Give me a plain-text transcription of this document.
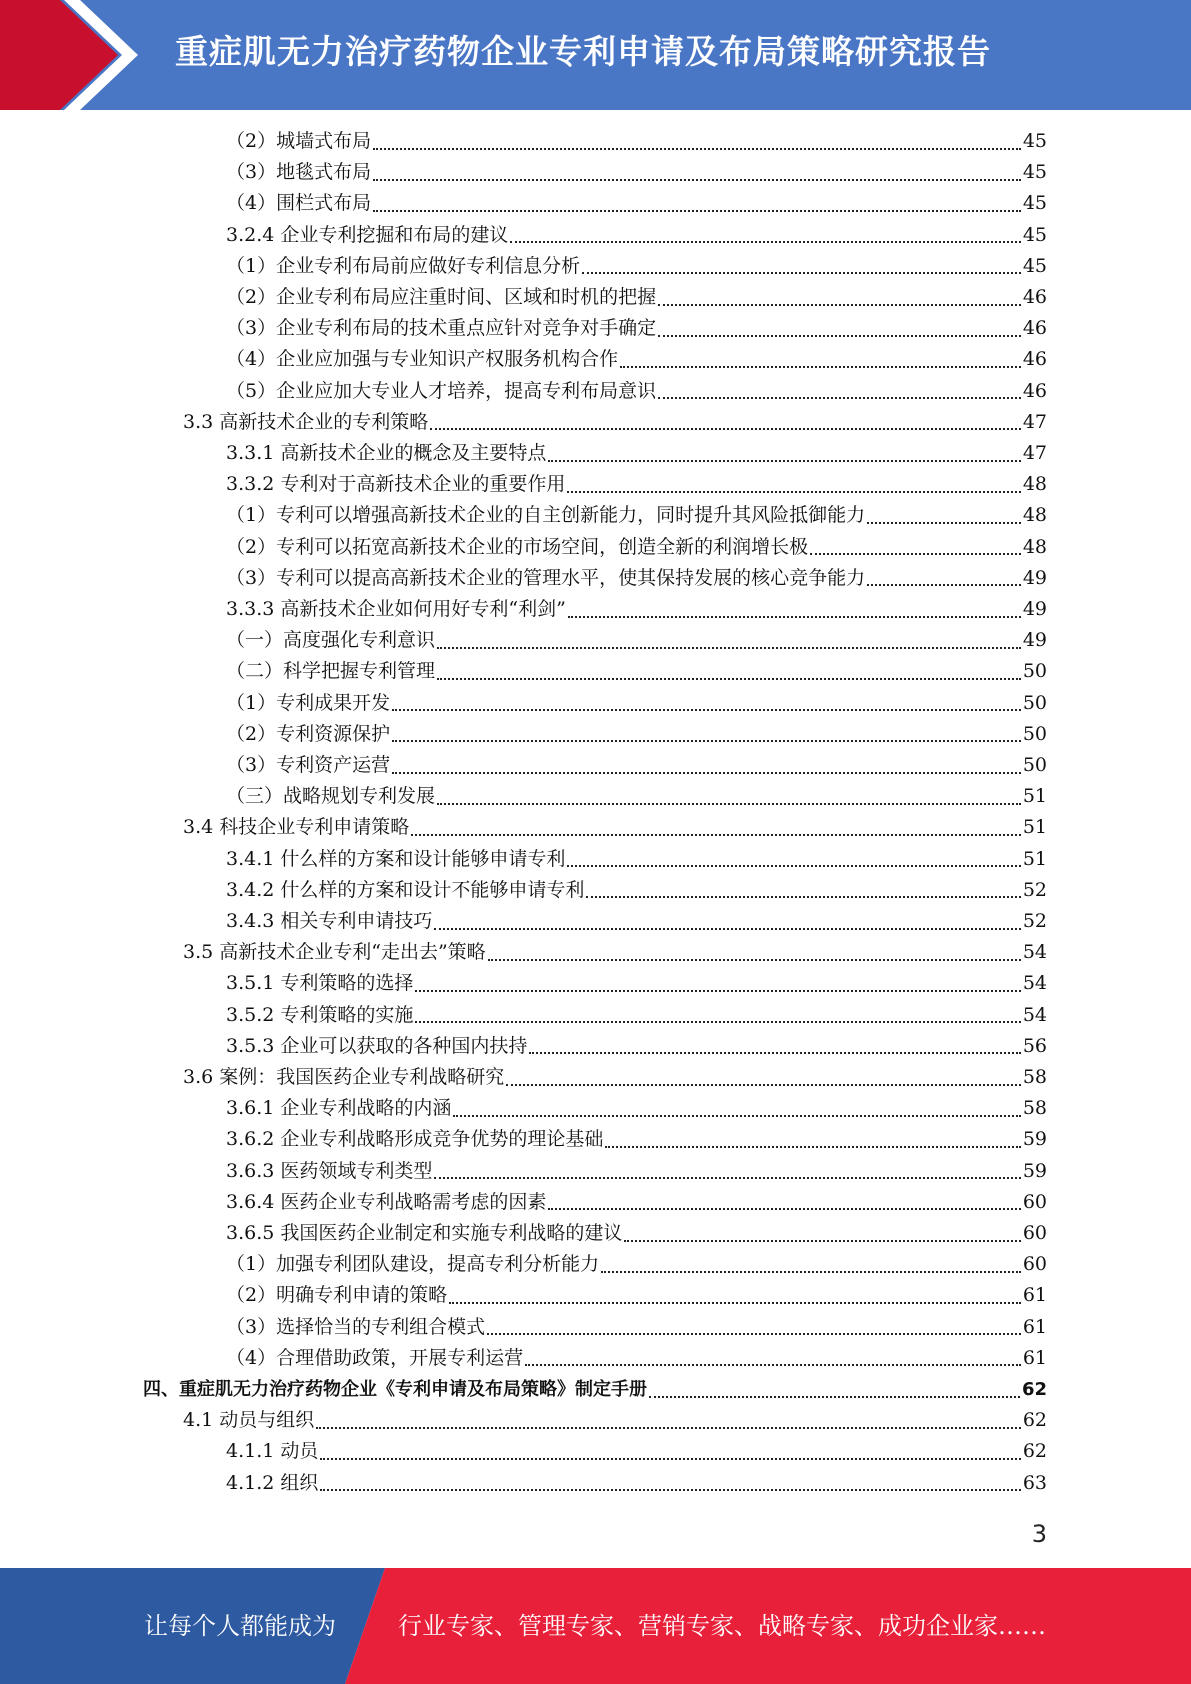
重症肌无力治疗药物企业专利申请及布局策略研究报告
（2）城墙式布局	45
（3）地毯式布局	45
（4）围栏式布局	45
3.2.4 企业专利挖掘和布局的建议	45
（1）企业专利布局前应做好专利信息分析	45
（2）企业专利布局应注重时间、区域和时机的把握	46
（3）企业专利布局的技术重点应针对竞争对手确定	46
（4）企业应加强与专业知识产权服务机构合作	46
（5）企业应加大专业人才培养，提高专利布局意识	46
3.3 高新技术企业的专利策略	47
3.3.1 高新技术企业的概念及主要特点	47
3.3.2 专利对于高新技术企业的重要作用	48
（1）专利可以增强高新技术企业的自主创新能力，同时提升其风险抵御能力	48
（2）专利可以拓宽高新技术企业的市场空间，创造全新的利润增长极	48
（3）专利可以提高高新技术企业的管理水平，使其保持发展的核心竞争能力	49
3.3.3 高新技术企业如何用好专利“利剑”	49
（一）高度强化专利意识	49
（二）科学把握专利管理	50
（1）专利成果开发	50
（2）专利资源保护	50
（3）专利资产运营	50
（三）战略规划专利发展	51
3.4 科技企业专利申请策略	51
3.4.1 什么样的方案和设计能够申请专利	51
3.4.2 什么样的方案和设计不能够申请专利	52
3.4.3 相关专利申请技巧	52
3.5 高新技术企业专利“走出去”策略	54
3.5.1 专利策略的选择	54
3.5.2 专利策略的实施	54
3.5.3 企业可以获取的各种国内扶持	56
3.6 案例：我国医药企业专利战略研究	58
3.6.1 企业专利战略的内涵	58
3.6.2 企业专利战略形成竞争优势的理论基础	59
3.6.3 医药领域专利类型	59
3.6.4 医药企业专利战略需考虑的因素	60
3.6.5 我国医药企业制定和实施专利战略的建议	60
（1）加强专利团队建设，提高专利分析能力	60
（2）明确专利申请的策略	61
（3）选择恰当的专利组合模式	61
（4）合理借助政策，开展专利运营	61
四、重症肌无力治疗药物企业《专利申请及布局策略》制定手册	62
4.1 动员与组织	62
4.1.1 动员	62
4.1.2 组织	63
3
让每个人都能成为	行业专家、管理专家、营销专家、战略专家、成功企业家……
